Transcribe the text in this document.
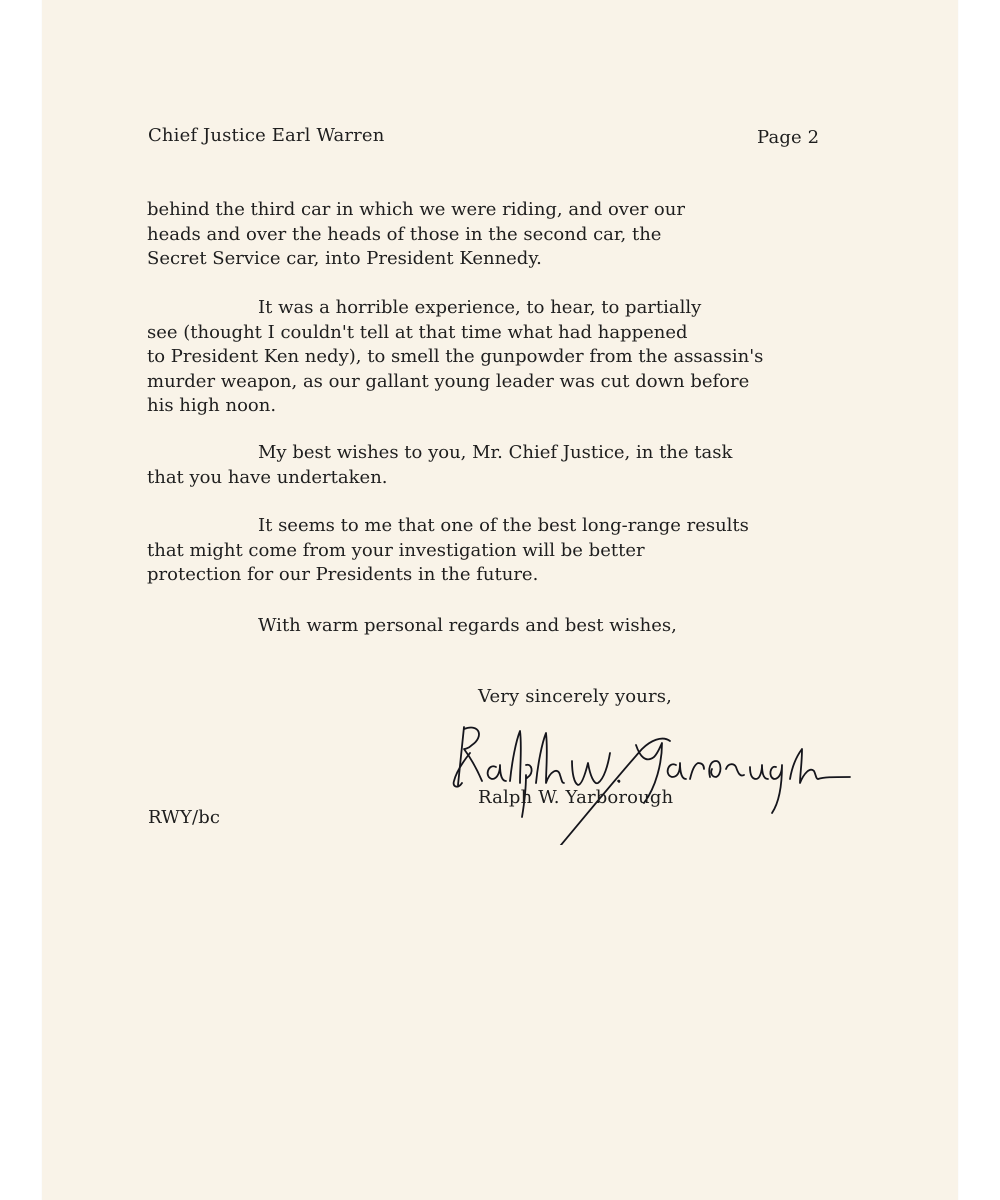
Chief Justice Earl Warren	Page 2

behind the third car in which we were riding, and over our
heads and over the heads of those in the second car, the
Secret Service car, into President Kennedy.

It was a horrible experience, to hear, to partially
see (thought I couldn't tell at that time what had happened
to President Ken nedy), to smell the gunpowder from the assassin's
murder weapon, as our gallant young leader was cut down before
his high noon.

My best wishes to you, Mr. Chief Justice, in the task
that you have undertaken.

It seems to me that one of the best long-range results
that might come from your investigation will be better
protection for our Presidents in the future.

With warm personal regards and best wishes,

Very sincerely yours,
Ralph W. Yarborough
RWY/bc
